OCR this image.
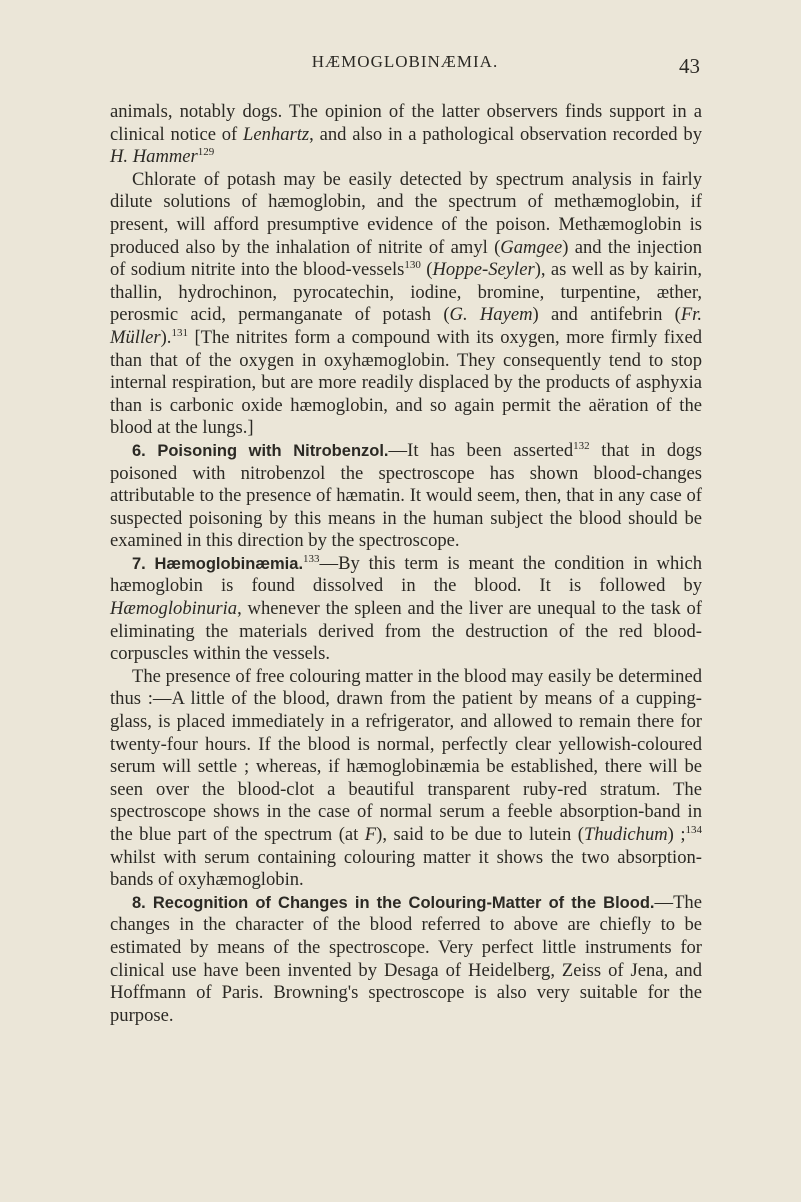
HÆMOGLOBINÆMIA.	43

animals, notably dogs. The opinion of the latter observers finds support in a clinical notice of Lenhartz, and also in a pathological observation recorded by H. Hammer$^{129}$

Chlorate of potash may be easily detected by spectrum analysis in fairly dilute solutions of hæmoglobin, and the spectrum of methæmoglobin, if present, will afford presumptive evidence of the poison. Methæmoglobin is produced also by the inhalation of nitrite of amyl (Gamgee) and the injection of sodium nitrite into the blood-vessels$^{130}$ (Hoppe-Seyler), as well as by kairin, thallin, hydrochinon, pyrocatechin, iodine, bromine, turpentine, æther, perosmic acid, permanganate of potash (G. Hayem) and antifebrin (Fr. Müller).$^{131}$ [The nitrites form a compound with its oxygen, more firmly fixed than that of the oxygen in oxyhæmoglobin. They consequently tend to stop internal respiration, but are more readily displaced by the products of asphyxia than is carbonic oxide hæmoglobin, and so again permit the aëration of the blood at the lungs.]

6. Poisoning with Nitrobenzol.—It has been asserted$^{132}$ that in dogs poisoned with nitrobenzol the spectroscope has shown blood-changes attributable to the presence of hæmatin. It would seem, then, that in any case of suspected poisoning by this means in the human subject the blood should be examined in this direction by the spectroscope.

7. Hæmoglobinæmia.$^{133}$—By this term is meant the condition in which hæmoglobin is found dissolved in the blood. It is followed by Hæmoglobinuria, whenever the spleen and the liver are unequal to the task of eliminating the materials derived from the destruction of the red blood-corpuscles within the vessels.

The presence of free colouring matter in the blood may easily be determined thus :—A little of the blood, drawn from the patient by means of a cupping-glass, is placed immediately in a refrigerator, and allowed to remain there for twenty-four hours. If the blood is normal, perfectly clear yellowish-coloured serum will settle ; whereas, if hæmoglobinæmia be established, there will be seen over the blood-clot a beautiful transparent ruby-red stratum. The spectroscope shows in the case of normal serum a feeble absorption-band in the blue part of the spectrum (at F), said to be due to lutein (Thudichum) ;$^{134}$ whilst with serum containing colouring matter it shows the two absorption-bands of oxyhæmoglobin.

8. Recognition of Changes in the Colouring-Matter of the Blood.—The changes in the character of the blood referred to above are chiefly to be estimated by means of the spectroscope. Very perfect little instruments for clinical use have been invented by Desaga of Heidelberg, Zeiss of Jena, and Hoffmann of Paris. Browning's spectroscope is also very suitable for the purpose.
